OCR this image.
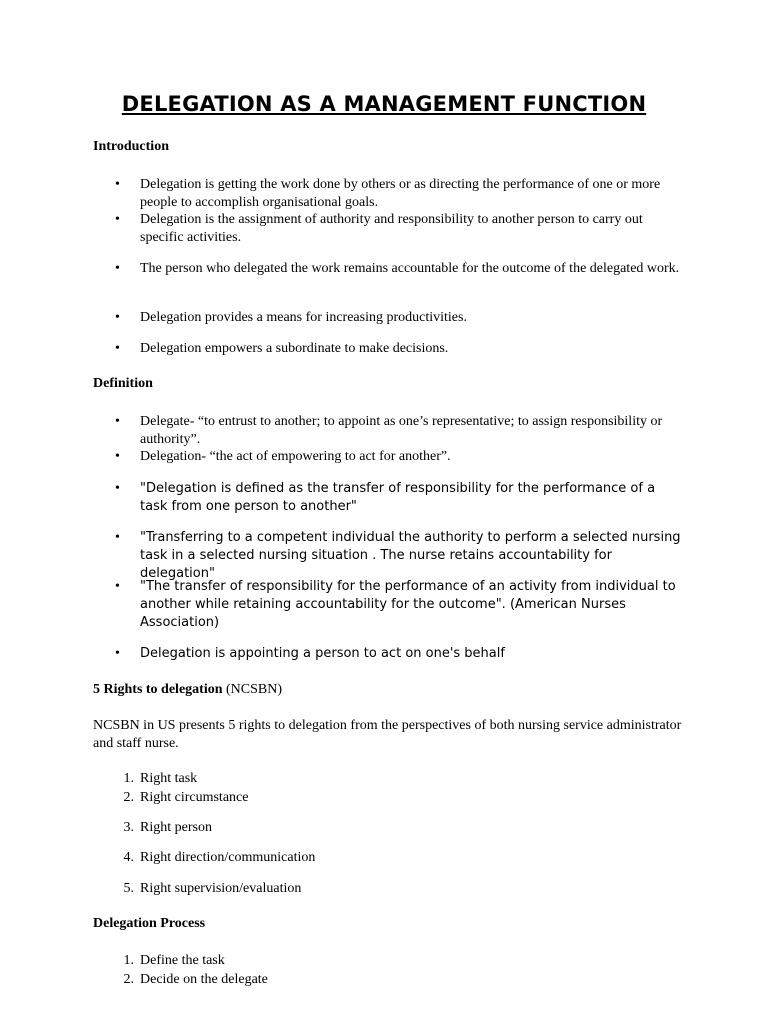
DELEGATION AS A MANAGEMENT FUNCTION

Introduction

• Delegation is getting the work done by others or as directing the performance of one or more people to accomplish organisational goals.

• Delegation is the assignment of authority and responsibility to another person to carry out specific activities.

• The person who delegated the work remains accountable for the outcome of the delegated work.

• Delegation provides a means for increasing productivities.

• Delegation empowers a subordinate to make decisions.

Definition

• Delegate- “to entrust to another; to appoint as one’s representative; to assign responsibility or authority”.

• Delegation- “the act of empowering to act for another”.

• "Delegation is defined as the transfer of responsibility for the performance of a task from one person to another"

• "Transferring to a competent individual the authority to perform a selected nursing task in a selected nursing situation . The nurse retains accountability for delegation"

• "The transfer of responsibility for the performance of an activity from individual to another while retaining accountability for the outcome". (American Nurses Association)

• Delegation is appointing a person to act on one's behalf

5 Rights to delegation (NCSBN)

NCSBN in US presents 5 rights to delegation from the perspectives of both nursing service administrator and staff nurse.

1. Right task

2. Right circumstance

3. Right person

4. Right direction/communication

5. Right supervision/evaluation

Delegation Process

1. Define the task

2. Decide on the delegate
